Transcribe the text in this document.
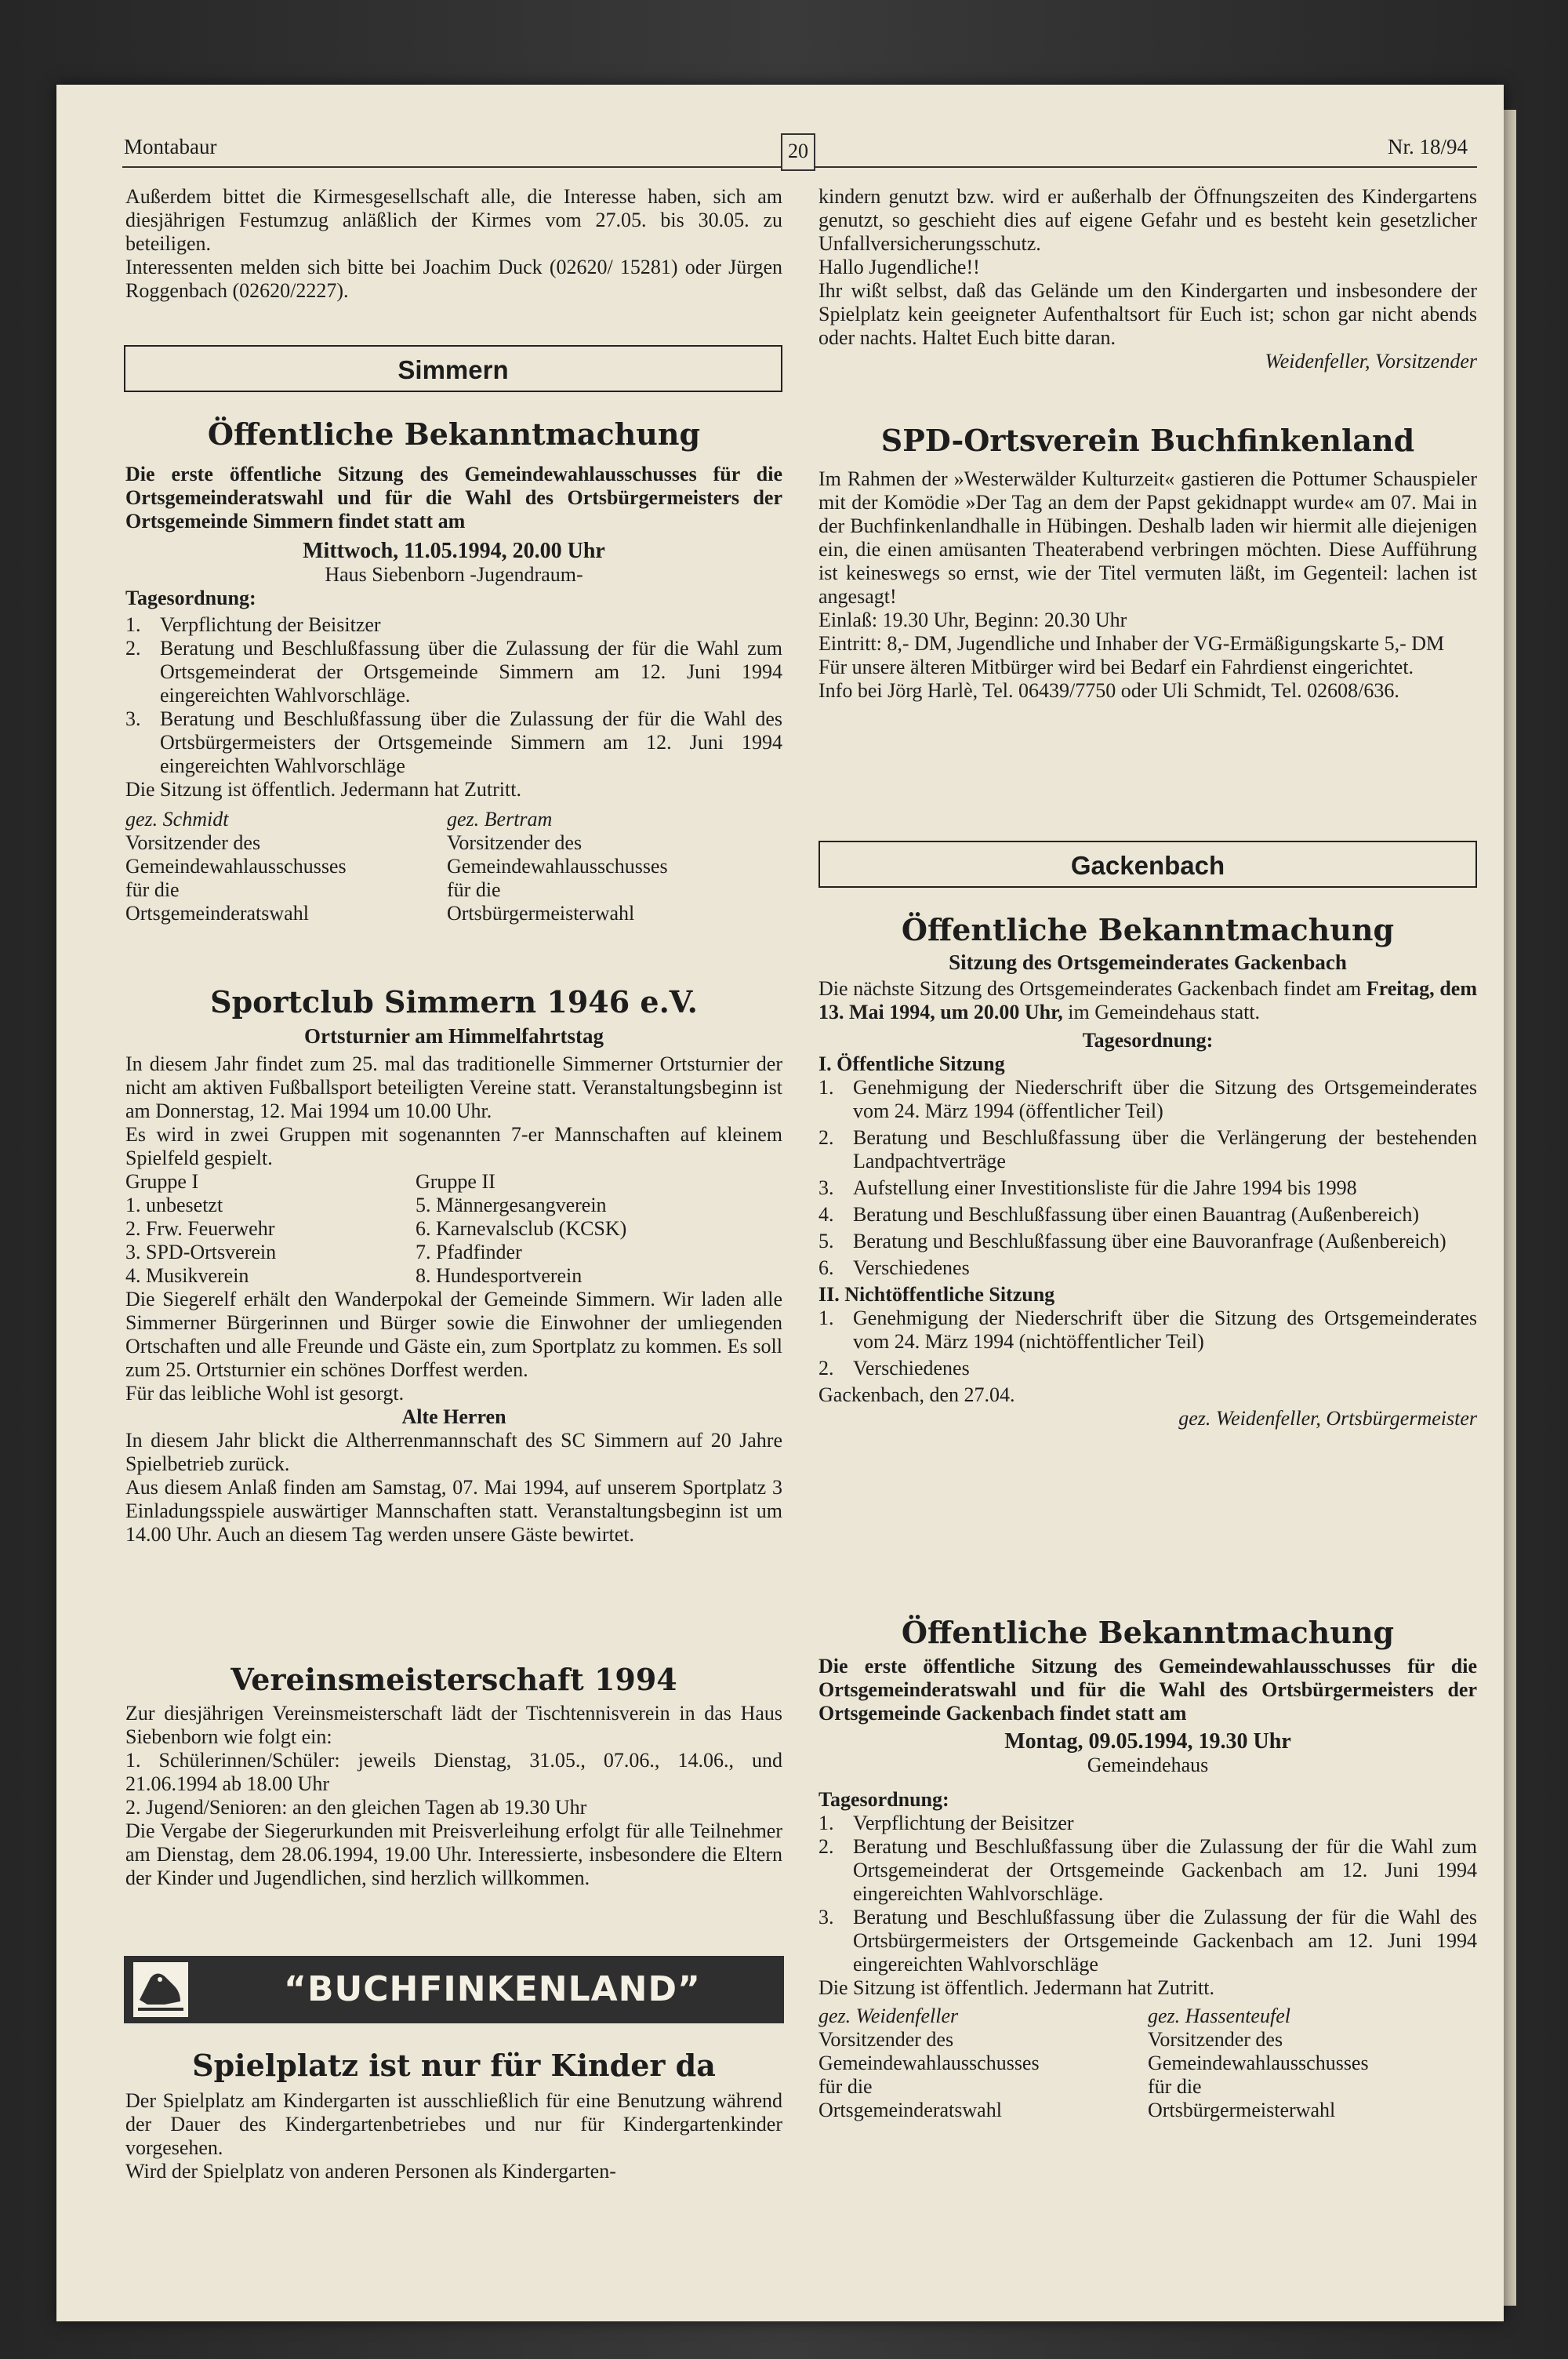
Montabaur	20	Nr. 18/94

Außerdem bittet die Kirmesgesellschaft alle, die Interesse haben, sich am diesjährigen Festumzug anläßlich der Kirmes vom 27.05. bis 30.05. zu beteiligen.

Interessenten melden sich bitte bei Joachim Duck (02620/ 15281) oder Jürgen Roggenbach (02620/2227).

Simmern
Öffentliche Bekanntmachung

Die erste öffentliche Sitzung des Gemeindewahlausschusses für die Ortsgemeinderatswahl und für die Wahl des Ortsbürgermeisters der Ortsgemeinde Simmern findet statt am

Mittwoch, 11.05.1994, 20.00 Uhr

Haus Siebenborn -Jugendraum-

Tagesordnung:

1. Verpflichtung der Beisitzer
2. Beratung und Beschlußfassung über die Zulassung der für die Wahl zum Ortsgemeinderat der Ortsgemeinde Simmern am 12. Juni 1994 eingereichten Wahlvorschläge.
3. Beratung und Beschlußfassung über die Zulassung der für die Wahl des Ortsbürgermeisters der Ortsgemeinde Simmern am 12. Juni 1994 eingereichten Wahlvorschläge

Die Sitzung ist öffentlich. Jedermann hat Zutritt.

gez. Schmidt

Vorsitzender des

Gemeindewahlausschusses

für die

Ortsgemeinderatswahl

gez. Bertram

Vorsitzender des

Gemeindewahlausschusses

für die

Ortsbürgermeisterwahl

Sportclub Simmern 1946 e.V.
Ortsturnier am Himmelfahrtstag

In diesem Jahr findet zum 25. mal das traditionelle Simmerner Ortsturnier der nicht am aktiven Fußballsport beteiligten Vereine statt. Veranstaltungsbeginn ist am Donnerstag, 12. Mai 1994 um 10.00 Uhr.

Es wird in zwei Gruppen mit sogenannten 7-er Mannschaften auf kleinem Spielfeld gespielt.

Gruppe I

1. unbesetzt

2. Frw. Feuerwehr

3. SPD-Ortsverein

4. Musikverein

Gruppe II

5. Männergesangverein

6. Karnevalsclub (KCSK)

7. Pfadfinder

8. Hundesportverein

Die Siegerelf erhält den Wanderpokal der Gemeinde Simmern. Wir laden alle Simmerner Bürgerinnen und Bürger sowie die Einwohner der umliegenden Ortschaften und alle Freunde und Gäste ein, zum Sportplatz zu kommen. Es soll zum 25. Ortsturnier ein schönes Dorffest werden.

Für das leibliche Wohl ist gesorgt.

Alte Herren

In diesem Jahr blickt die Altherrenmannschaft des SC Simmern auf 20 Jahre Spielbetrieb zurück.

Aus diesem Anlaß finden am Samstag, 07. Mai 1994, auf unserem Sportplatz 3 Einladungsspiele auswärtiger Mannschaften statt. Veranstaltungsbeginn ist um 14.00 Uhr. Auch an diesem Tag werden unsere Gäste bewirtet.

Vereinsmeisterschaft 1994

Zur diesjährigen Vereinsmeisterschaft lädt der Tischtennisverein in das Haus Siebenborn wie folgt ein:

1. Schülerinnen/Schüler: jeweils Dienstag, 31.05., 07.06., 14.06., und 21.06.1994 ab 18.00 Uhr

2. Jugend/Senioren: an den gleichen Tagen ab 19.30 Uhr

Die Vergabe der Siegerurkunden mit Preisverleihung erfolgt für alle Teilnehmer am Dienstag, dem 28.06.1994, 19.00 Uhr. Interessierte, insbesondere die Eltern der Kinder und Jugendlichen, sind herzlich willkommen.

“BUCHFINKENLAND”
Spielplatz ist nur für Kinder da

Der Spielplatz am Kindergarten ist ausschließlich für eine Benutzung während der Dauer des Kindergartenbetriebes und nur für Kindergartenkinder vorgesehen.

Wird der Spielplatz von anderen Personen als Kindergarten-

kindern genutzt bzw. wird er außerhalb der Öffnungszeiten des Kindergartens genutzt, so geschieht dies auf eigene Gefahr und es besteht kein gesetzlicher Unfallversicherungsschutz.

Hallo Jugendliche!!

Ihr wißt selbst, daß das Gelände um den Kindergarten und insbesondere der Spielplatz kein geeigneter Aufenthaltsort für Euch ist; schon gar nicht abends oder nachts. Haltet Euch bitte daran.

Weidenfeller, Vorsitzender

SPD-Ortsverein Buchfinkenland

Im Rahmen der »Westerwälder Kulturzeit« gastieren die Pottumer Schauspieler mit der Komödie »Der Tag an dem der Papst gekidnappt wurde« am 07. Mai in der Buchfinkenlandhalle in Hübingen. Deshalb laden wir hiermit alle diejenigen ein, die einen amüsanten Theaterabend verbringen möchten. Diese Aufführung ist keineswegs so ernst, wie der Titel vermuten läßt, im Gegenteil: lachen ist angesagt!

Einlaß: 19.30 Uhr, Beginn: 20.30 Uhr

Eintritt: 8,- DM, Jugendliche und Inhaber der VG-Ermäßigungskarte 5,- DM

Für unsere älteren Mitbürger wird bei Bedarf ein Fahrdienst eingerichtet.

Info bei Jörg Harlè, Tel. 06439/7750 oder Uli Schmidt, Tel. 02608/636.

Gackenbach
Öffentliche Bekanntmachung
Sitzung des Ortsgemeinderates Gackenbach

Die nächste Sitzung des Ortsgemeinderates Gackenbach findet am Freitag, dem 13. Mai 1994, um 20.00 Uhr, im Gemeindehaus statt.

Tagesordnung:

I. Öffentliche Sitzung

1. Genehmigung der Niederschrift über die Sitzung des Ortsgemeinderates vom 24. März 1994 (öffentlicher Teil)
2. Beratung und Beschlußfassung über die Verlängerung der bestehenden Landpachtverträge
3. Aufstellung einer Investitionsliste für die Jahre 1994 bis 1998
4. Beratung und Beschlußfassung über einen Bauantrag (Außenbereich)
5. Beratung und Beschlußfassung über eine Bauvoranfrage (Außenbereich)
6. Verschiedenes

II. Nichtöffentliche Sitzung

1. Genehmigung der Niederschrift über die Sitzung des Ortsgemeinderates vom 24. März 1994 (nichtöffentlicher Teil)
2. Verschiedenes

Gackenbach, den 27.04.

gez. Weidenfeller, Ortsbürgermeister

Öffentliche Bekanntmachung

Die erste öffentliche Sitzung des Gemeindewahlausschusses für die Ortsgemeinderatswahl und für die Wahl des Ortsbürgermeisters der Ortsgemeinde Gackenbach findet statt am

Montag, 09.05.1994, 19.30 Uhr

Gemeindehaus

Tagesordnung:

1. Verpflichtung der Beisitzer
2. Beratung und Beschlußfassung über die Zulassung der für die Wahl zum Ortsgemeinderat der Ortsgemeinde Gackenbach am 12. Juni 1994 eingereichten Wahlvorschläge.
3. Beratung und Beschlußfassung über die Zulassung der für die Wahl des Ortsbürgermeisters der Ortsgemeinde Gackenbach am 12. Juni 1994 eingereichten Wahlvorschläge

Die Sitzung ist öffentlich. Jedermann hat Zutritt.

gez. Weidenfeller

Vorsitzender des

Gemeindewahlausschusses

für die

Ortsgemeinderatswahl

gez. Hassenteufel

Vorsitzender des

Gemeindewahlausschusses

für die

Ortsbürgermeisterwahl
